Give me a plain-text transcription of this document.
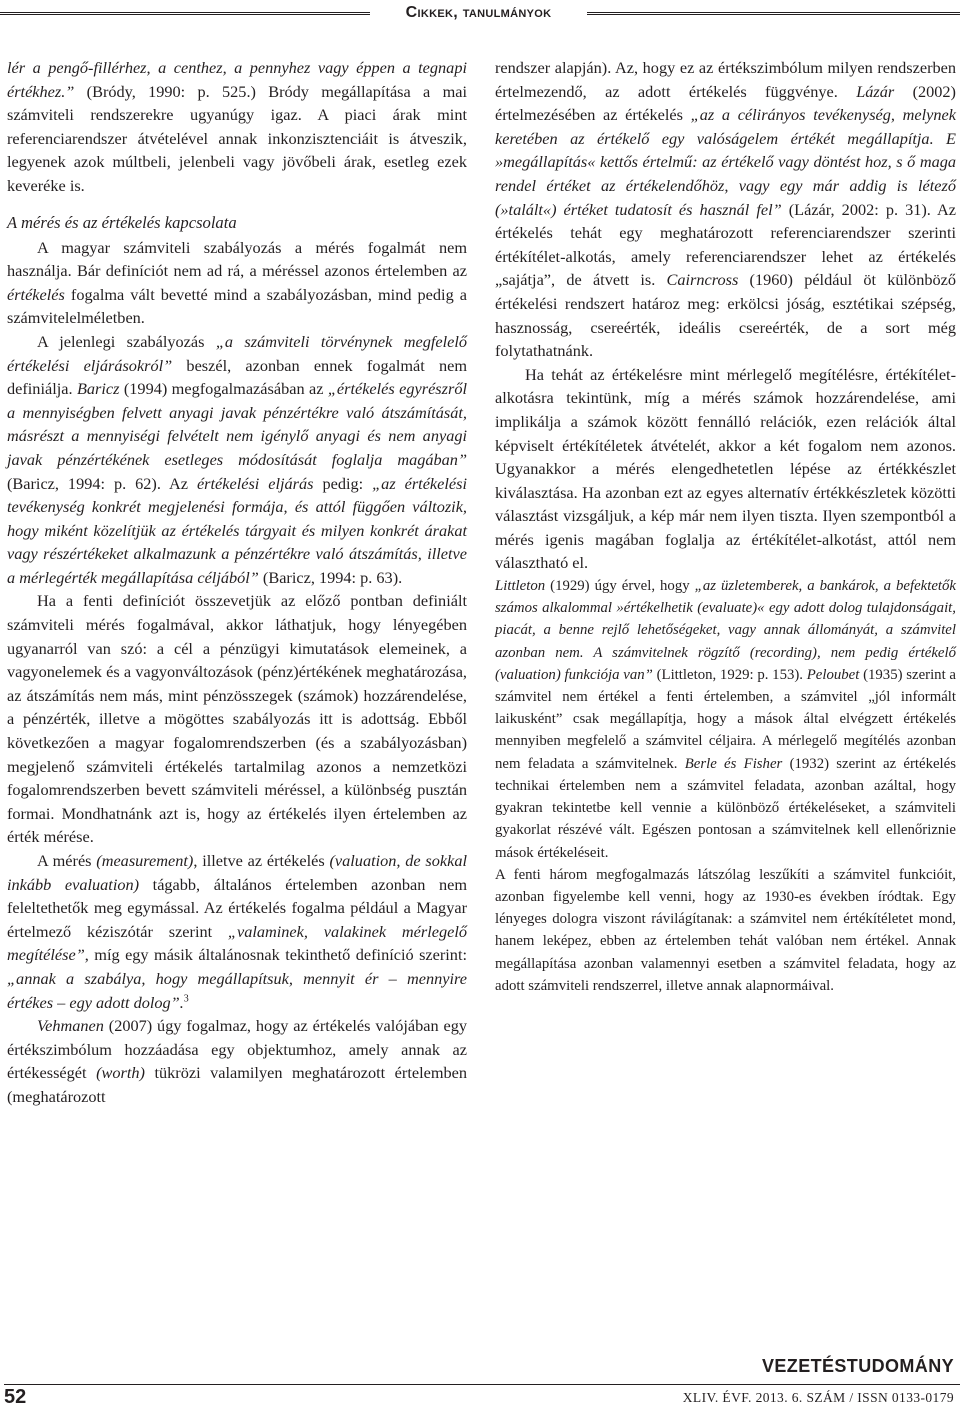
Cikkek, tanulmányok

lér a pengő-fillérhez, a centhez, a pennyhez vagy éppen a tegnapi értékhez.” (Bródy, 1990: p. 525.) Bródy megállapítása a mai számviteli rendszerekre ugyanúgy igaz. A piaci árak mint referenciarendszer átvételével annak inkonzisztenciáit is átveszik, legyenek azok múltbeli, jelenbeli vagy jövőbeli árak, esetleg ezek keveréke is.

A mérés és az értékelés kapcsolata

A magyar számviteli szabályozás a mérés fogalmát nem használja. Bár definíciót nem ad rá, a méréssel azonos értelemben az értékelés fogalma vált bevetté mind a szabályozásban, mind pedig a számvitelelméletben.

A jelenlegi szabályozás „a számviteli törvénynek megfelelő értékelési eljárásokról” beszél, azonban ennek fogalmát nem definiálja. Baricz (1994) megfogalmazásában az „értékelés egyrészről a mennyiségben felvett anyagi javak pénzértékre való átszámítását, másrészt a mennyiségi felvételt nem igénylő anyagi és nem anyagi javak pénzértékének esetleges módosítását foglalja magában” (Baricz, 1994: p. 62). Az értékelési eljárás pedig: „az értékelési tevékenység konkrét megjelenési formája, és attól függően változik, hogy miként közelítjük az értékelés tárgyait és milyen konkrét árakat vagy részértékeket alkalmazunk a pénzértékre való átszámítás, illetve a mérlegérték megállapítása céljából” (Baricz, 1994: p. 63).

Ha a fenti definíciót összevetjük az előző pontban definiált számviteli mérés fogalmával, akkor láthatjuk, hogy lényegében ugyanarról van szó: a cél a pénzügyi kimutatások elemeinek, a vagyonelemek és a vagyonváltozások (pénz)értékének meghatározása, az átszámítás nem más, mint pénzösszegek (számok) hozzárendelése, a pénzérték, illetve a mögöttes szabályozás itt is adottság. Ebből következően a magyar fogalomrendszerben (és a szabályozásban) megjelenő számviteli értékelés tartalmilag azonos a nemzetközi fogalomrendszerben bevett számviteli méréssel, a különbség pusztán formai. Mondhatnánk azt is, hogy az értékelés ilyen értelemben az érték mérése.

A mérés (measurement), illetve az értékelés (valuation, de sokkal inkább evaluation) tágabb, általános értelemben azonban nem feleltethetők meg egymással. Az értékelés fogalma például a Magyar értelmező kéziszótár szerint „valaminek, valakinek mérlegelő megítélése”, míg egy másik általánosnak tekinthető definíció szerint: „annak a szabálya, hogy megállapítsuk, mennyit ér – mennyire értékes – egy adott dolog”.$^3$

Vehmanen (2007) úgy fogalmaz, hogy az értékelés valójában egy értékszimbólum hozzáadása egy objektumhoz, amely annak az értékességét (worth) tükrözi valamilyen meghatározott értelemben (meghatározott

rendszer alapján). Az, hogy ez az értékszimbólum milyen rendszerben értelmezendő, az adott értékelés függvénye. Lázár (2002) értelmezésében az értékelés „az a célirányos tevékenység, melynek keretében az értékelő egy valóságelem értékét megállapítja. E »megállapítás« kettős értelmű: az értékelő vagy döntést hoz, s ő maga rendel értéket az értékelendőhöz, vagy egy már addig is létező (»talált«) értéket tudatosít és használ fel” (Lázár, 2002: p. 31). Az értékelés tehát egy meghatározott referenciarendszer szerinti értékítélet-alkotás, amely referenciarendszer lehet az értékelés „sajátja”, de átvett is. Cairncross (1960) például öt különböző értékelési rendszert határoz meg: erkölcsi jóság, esztétikai szépség, hasznosság, csereérték, ideális csereérték, de a sort még folytathatnánk.

Ha tehát az értékelésre mint mérlegelő megítélésre, értékítélet-alkotásra tekintünk, míg a mérés számok hozzárendelése, ami implikálja a számok között fennálló relációk, ezen relációk által képviselt értékítéletek átvételét, akkor a két fogalom nem azonos. Ugyanakkor a mérés elengedhetetlen lépése az értékkészlet kiválasztása. Ha azonban ezt az egyes alternatív értékkészletek közötti választást vizsgáljuk, a kép már nem ilyen tiszta. Ilyen szempontból a mérés igenis magában foglalja az értékítélet-alkotást, attól nem választható el.

Littleton (1929) úgy érvel, hogy „az üzletemberek, a bankárok, a befektetők számos alkalommal »értékelhetik (evaluate)« egy adott dolog tulajdonságait, piacát, a benne rejlő lehetőségeket, vagy annak állományát, a számvitel azonban nem. A számvitelnek rögzítő (recording), nem pedig értékelő (valuation) funkciója van” (Littleton, 1929: p. 153). Peloubet (1935) szerint a számvitel nem értékel a fenti értelemben, a számvitel „jól informált laikusként” csak megállapítja, hogy a mások által elvégzett értékelés mennyiben megfelelő a számvitel céljaira. A mérlegelő megítélés azonban nem feladata a számvitelnek. Berle és Fisher (1932) szerint az értékelés technikai értelemben nem a számvitel feladata, azonban azáltal, hogy gyakran tekintetbe kell vennie a különböző értékeléseket, a számviteli gyakorlat részévé vált. Egészen pontosan a számvitelnek kell ellenőriznie mások értékeléseit.

A fenti három megfogalmazás látszólag leszűkíti a számvitel funkcióit, azonban figyelembe kell venni, hogy az 1930-es években íródtak. Egy lényeges dologra viszont rávilágítanak: a számvitel nem értékítéletet mond, hanem leképez, ebben az értelemben tehát valóban nem értékel. Annak megállapítása azonban valamennyi esetben a számvitel feladata, hogy az adott számviteli rendszerrel, illetve annak alapnormáival.

VEZETÉSTUDOMÁNY
52	XLIV. ÉVF. 2013. 6. SZÁM / ISSN 0133-0179
